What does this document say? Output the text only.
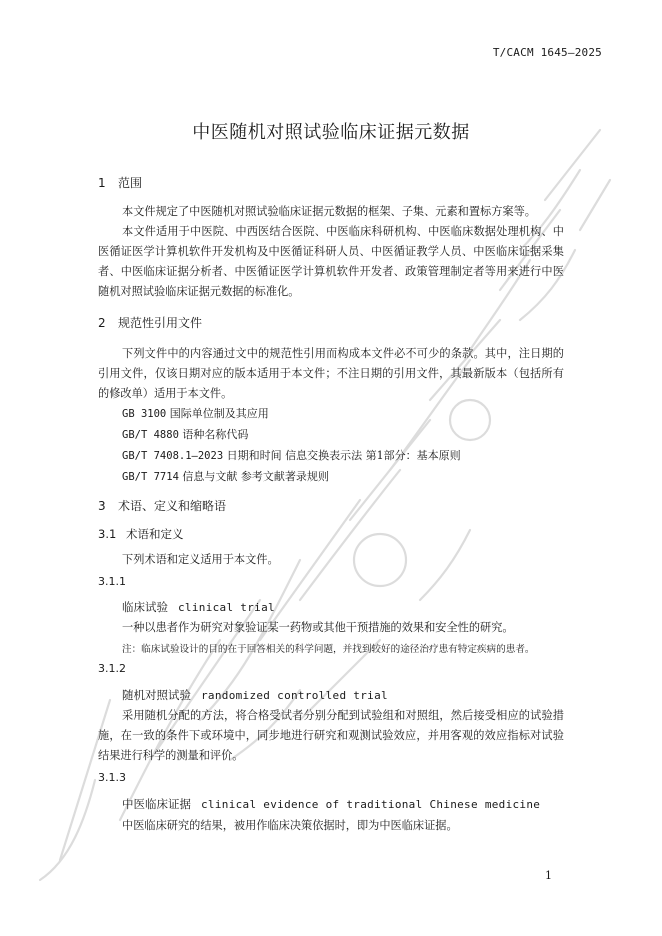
T/CACM 1645—2025
中医随机对照试验临床证据元数据
1 范围
本文件规定了中医随机对照试验临床证据元数据的框架、子集、元素和置标方案等。
本文件适用于中医院、中西医结合医院、中医临床科研机构、中医临床数据处理机构、中医循证医学计算机软件开发机构及中医循证科研人员、中医循证教学人员、中医临床证据采集者、中医临床证据分析者、中医循证医学计算机软件开发者、政策管理制定者等用来进行中医随机对照试验临床证据元数据的标准化。
2 规范性引用文件
下列文件中的内容通过文中的规范性引用而构成本文件必不可少的条款。其中，注日期的引用文件，仅该日期对应的版本适用于本文件；不注日期的引用文件，其最新版本（包括所有的修改单）适用于本文件。
GB 3100 国际单位制及其应用
GB/T 4880 语种名称代码
GB/T 7408.1—2023 日期和时间 信息交换表示法 第1部分：基本原则
GB/T 7714 信息与文献 参考文献著录规则
3 术语、定义和缩略语
3.1 术语和定义
下列术语和定义适用于本文件。
3.1.1
临床试验 clinical trial
一种以患者作为研究对象验证某一药物或其他干预措施的效果和安全性的研究。
注：临床试验设计的目的在于回答相关的科学问题，并找到较好的途径治疗患有特定疾病的患者。
3.1.2
随机对照试验 randomized controlled trial
采用随机分配的方法，将合格受试者分别分配到试验组和对照组，然后接受相应的试验措施，在一致的条件下或环境中，同步地进行研究和观测试验效应，并用客观的效应指标对试验结果进行科学的测量和评价。
3.1.3
中医临床证据 clinical evidence of traditional Chinese medicine
中医临床研究的结果，被用作临床决策依据时，即为中医临床证据。
1
